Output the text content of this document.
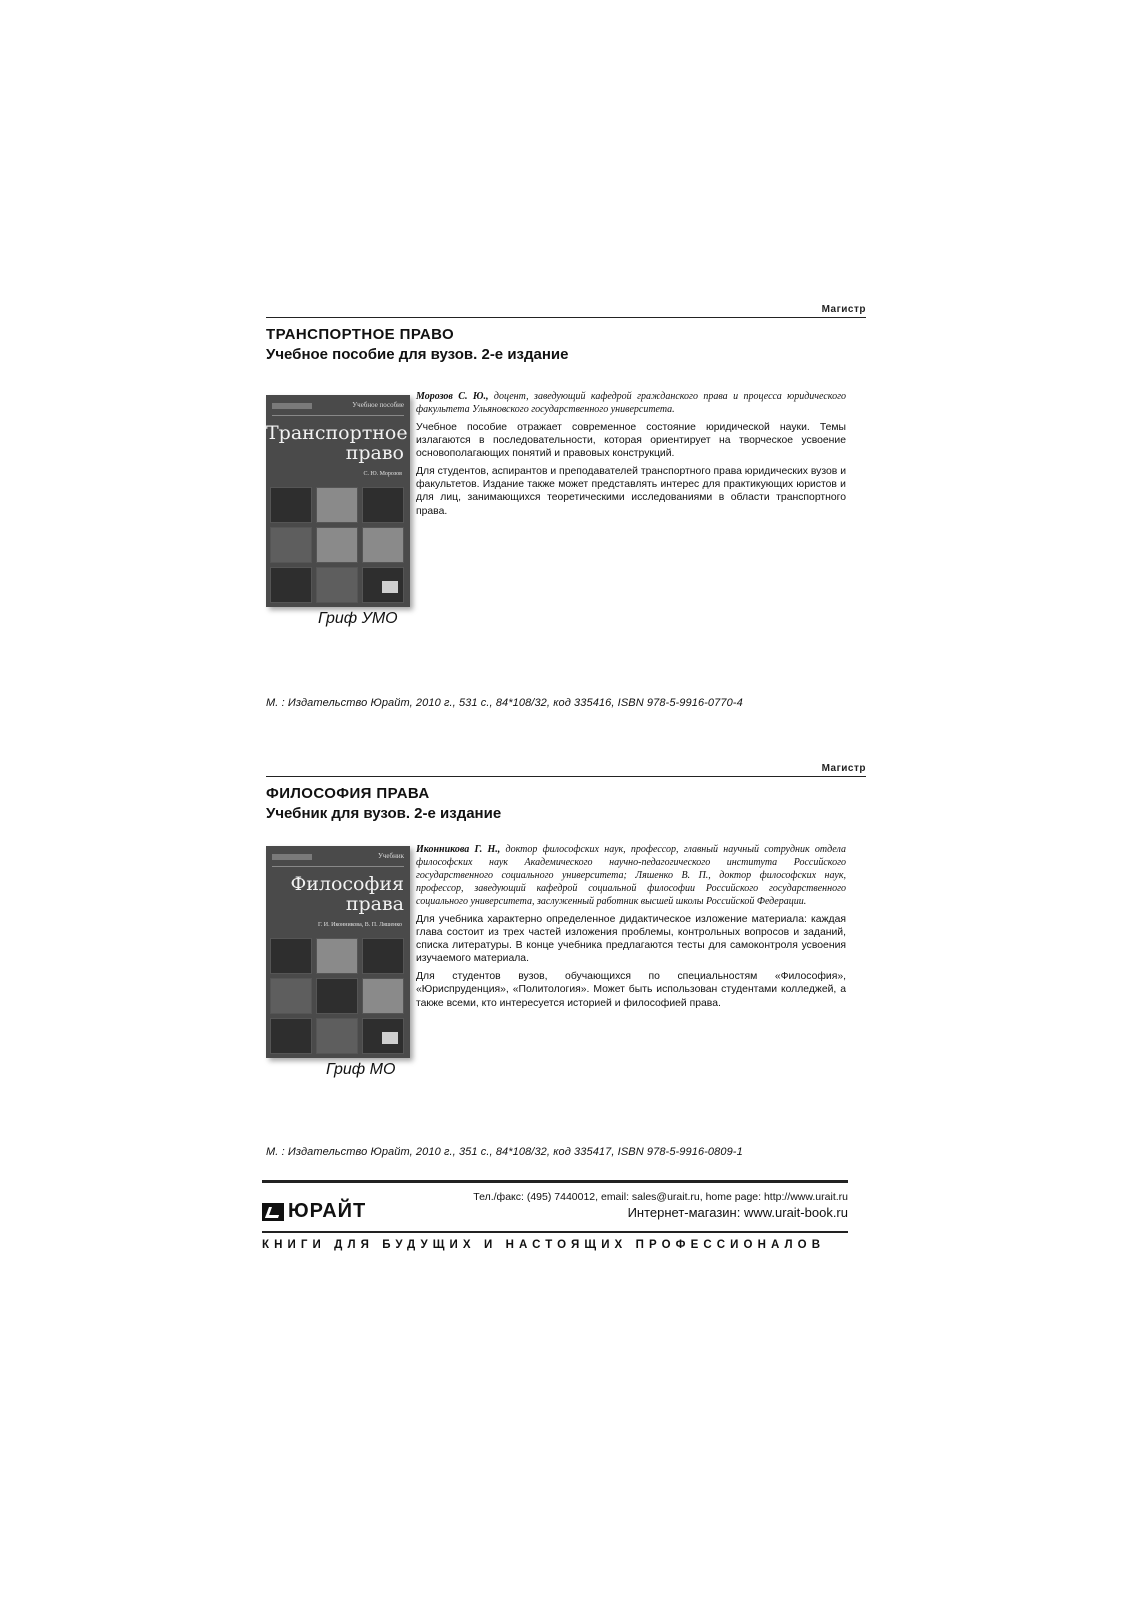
Магистр
ТРАНСПОРТНОЕ ПРАВО
Учебное пособие для вузов. 2-е издание
Учебное пособие
Транспортное право
С. Ю. Морозов
Гриф УМО

Морозов С. Ю., доцент, заведующий кафедрой гражданского права и процесса юридического факультета Ульяновского государственного университета.

Учебное пособие отражает современное состояние юридической науки. Темы излагаются в последовательности, которая ориентирует на творческое усвоение основополагающих понятий и правовых конструкций.

Для студентов, аспирантов и преподавателей транспортного права юридических вузов и факультетов. Издание также может представлять интерес для практикующих юристов и для лиц, занимающихся теоретическими исследованиями в области транспортного права.

М. : Издательство Юрайт, 2010 г., 531 с., 84*108/32, код 335416, ISBN 978-5-9916-0770-4
Магистр
ФИЛОСОФИЯ ПРАВА
Учебник для вузов. 2-е издание
Учебник
Философия права
Г. И. Иконникова, В. П. Ляшенко
Гриф МО

Иконникова Г. Н., доктор философских наук, профессор, главный научный сотрудник отдела философских наук Академического научно-педагогического института Российского государственного социального университета; Ляшенко В. П., доктор философских наук, профессор, заведующий кафедрой социальной философии Российского государственного социального университета, заслуженный работник высшей школы Российской Федерации.

Для учебника характерно определенное дидактическое изложение материала: каждая глава состоит из трех частей изложения проблемы, контрольных вопросов и заданий, списка литературы. В конце учебника предлагаются тесты для самоконтроля усвоения изучаемого материала.

Для студентов вузов, обучающихся по специальностям «Философия», «Юриспруденция», «Политология». Может быть использован студентами колледжей, а также всеми, кто интересуется историей и философией права.

М. : Издательство Юрайт, 2010 г., 351 с., 84*108/32, код 335417, ISBN 978-5-9916-0809-1
ЮРАЙТ
Тел./факс: (495) 7440012, email: sales@urait.ru, home page: http://www.urait.ru
Интернет-магазин: www.urait-book.ru
КНИГИ ДЛЯ БУДУЩИХ И НАСТОЯЩИХ ПРОФЕССИОНАЛОВ
